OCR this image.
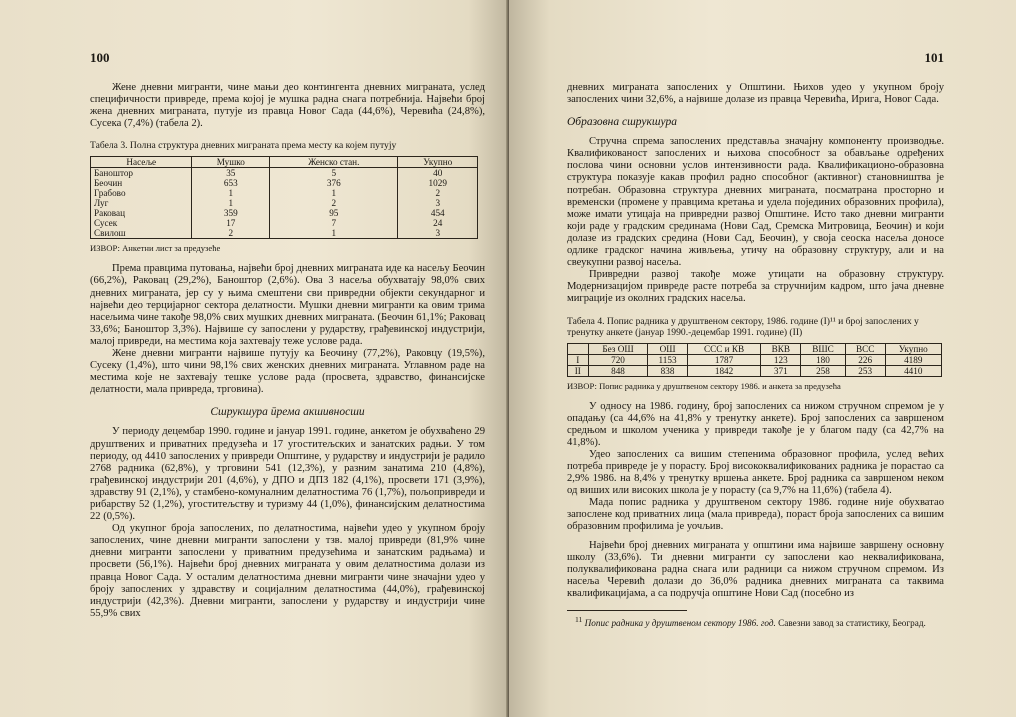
100

Жене дневни мигранти, чине мањи део контингента дневних миграната, услед специфичности привреде, према којој је мушка радна снага потребнија. Највећи број жена дневних миграната, путује из правца Новог Сада (44,6%), Черевића (24,8%), Сусека (7,4%) (табела 2).

Табела 3. Полна структура дневних миграната према месту ка којем путују
Насеље	Мушко	Женско стан.	Укупно
Баноштор	35	5	40
Беочин	653	376	1029
Грабово	1	1	2
Луг	1	2	3
Раковац	359	95	454
Сусек	17	7	24
Свилош	2	1	3
ИЗВОР: Анкетни лист за предузеће

Према правцима путовања, највећи број дневних миграната иде ка насељу Беочин (66,2%), Раковац (29,2%), Баноштор (2,6%). Ова 3 насеља обухватају 98,0% свих дневних миграната, јер су у њима смештени сви привредни објекти секундарног и највећи део терцијарног сектора делатности. Мушки дневни мигранти ка овим трима насељима чине такође 98,0% свих мушких дневних миграната. (Беочин 61,1%; Раковац 33,6%; Баноштор 3,3%). Највише су запослени у рударству, грађевинској индустрији, малој привреди, на местима која захтевају теже услове рада.

Жене дневни мигранти највише путују ка Беочину (77,2%), Раковцу (19,5%), Сусеку (1,4%), што чини 98,1% свих женских дневних миграната. Углавном раде на местима које не захтевају тешке услове рада (просвета, здравство, финансијске делатности, мала привреда, трговина).

Сшрукшура ӣрема акшивносши

У периоду децембар 1990. године и јануар 1991. године, анкетом је обухваћено 29 друштвених и приватних предузећа и 17 угоститељских и занатских радњи. У том периоду, од 4410 запослених у привреди Општине, у рударству и индустрији је радило 2768 радника (62,8%), у трговини 541 (12,3%), у разним занатима 210 (4,8%), грађевинској индустрији 201 (4,6%), у ДПО и ДПЗ 182 (4,1%), просвети 171 (3,9%), здравству 91 (2,1%), у стамбено-комуналним делатностима 76 (1,7%), пољопривреди и рибарству 52 (1,2%), угоститељству и туризму 44 (1,0%), финансијским делатностима 22 (0,5%).

Од укупног броја запослених, по делатностима, највећи удео у укупном броју запослених, чине дневни мигранти запослени у тзв. малој привреди (81,9% чине дневни мигранти запослени у приватним предузећима и занатским радњама) и просвети (56,1%). Највећи број дневних миграната у овим делатностима долази из правца Новог Сада. У осталим делатностима дневни мигранти чине значајни удео у броју запослених у здравству и социјалним делатностима (44,0%), грађевинској индустрији (42,3%). Дневни мигранти, запослени у рударству и индустрији чине 55,9% свих

101

дневних миграната запослених у Општини. Њихов удео у укупном броју запослених чини 32,6%, а највише долазе из правца Черевића, Ирига, Новог Сада.

Образовна сшрукшура

Стручна спрема запослених представља значајну компоненту производње. Квалификованост запослених и њихова способност за обављање одређених послова чини основни услов интензивности рада. Квалификационо-образовна структура показује какав профил радно способног (активног) становништва је потребан. Образовна структура дневних миграната, посматрана просторно и временски (промене у правцима кретања и удела појединих образовних профила), може имати утицаја на привредни развој Општине. Исто тако дневни мигранти који раде у градским срединама (Нови Сад, Сремска Митровица, Беочин) и који долазе из градских средина (Нови Сад, Беочин), у своја сеоска насеља доносе одлике градског начина живљења, утичу на образовну структуру, али и на свеукупни развој насеља.

Привредни развој такође може утицати на образовну структуру. Модернизацијом привреде расте потреба за стручнијим кадром, што јача дневне миграције из околних градских насеља.

Табела 4. Попис радника у друштвеном сектору, 1986. године (I)¹¹ и број запослених у тренутку анкете (јануар 1990.-децембар 1991. године) (II)
	Без ОШ	ОШ	ССС и КВ	ВКВ	ВШС	ВСС	Укупно
I	720	1153	1787	123	180	226	4189
II	848	838	1842	371	258	253	4410
ИЗВОР: Попис радника у друштвеном сектору 1986. и анкета за предузећа

У односу на 1986. годину, број запослених са нижом стручном спремом је у опадању (са 44,6% на 41,8% у тренутку анкете). Број запослених са завршеном средњом и школом ученика у привреди такође је у благом паду (са 42,7% на 41,8%).

Удео запослених са вишим степенима образовног профила, услед већих потреба привреде је у порасту. Број висококвалификованих радника је порастао са 2,9% 1986. на 8,4% у тренутку вршења анкете. Број радника са завршеном неком од виших или високих школа је у порасту (са 9,7% на 11,6%) (табела 4).

Мада попис радника у друштвеном сектору 1986. године није обухватао запослене код приватних лица (мала привреда), пораст броја запослених са вишим образовним профилима је уочљив.

Највећи број дневних миграната у општини има највише завршену основну школу (33,6%). Ти дневни мигранти су запослени као неквалификована, полуквалификована радна снага или радници са нижом стручном спремом. Из насеља Черевић долази до 36,0% радника дневних миграната са таквима квалификацијама, а са подручја општине Нови Сад (посебно из

$^{11}$ Попис радника у друштвеном сектору 1986. год. Савезни завод за статистику, Београд.
